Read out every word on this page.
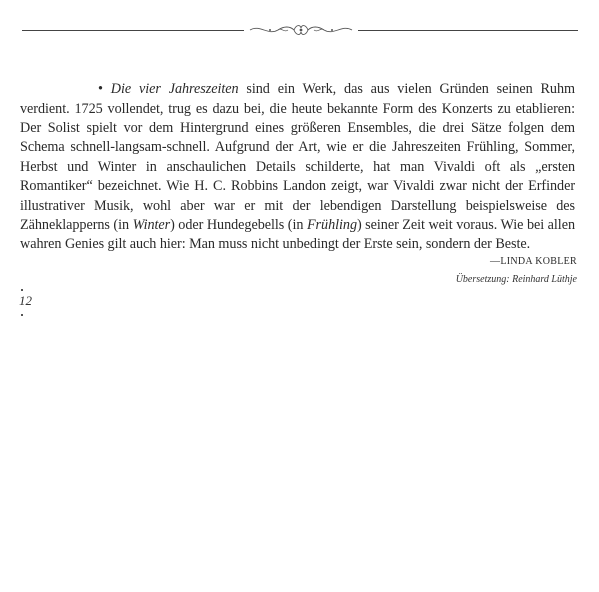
• Die vier Jahreszeiten sind ein Werk, das aus vielen Gründen seinen Ruhm verdient. 1725 vollendet, trug es dazu bei, die heute bekannte Form des Konzerts zu etablieren: Der Solist spielt vor dem Hintergrund eines größeren Ensembles, die drei Sätze folgen dem Schema schnell-langsam-schnell. Aufgrund der Art, wie er die Jahreszeiten Frühling, Sommer, Herbst und Winter in anschaulichen Details schilderte, hat man Vivaldi oft als „ersten Romantiker“ bezeichnet. Wie H. C. Robbins Landon zeigt, war Vivaldi zwar nicht der Erfinder illustrativer Musik, wohl aber war er mit der lebendigen Darstellung beispielsweise des Zähneklapperns (in Winter) oder Hundegebells (in Frühling) seiner Zeit weit voraus. Wie bei allen wahren Genies gilt auch hier: Man muss nicht unbedingt der Erste sein, sondern der Beste.

—LINDA KOBLER
Übersetzung: Reinhard Lüthje
12
